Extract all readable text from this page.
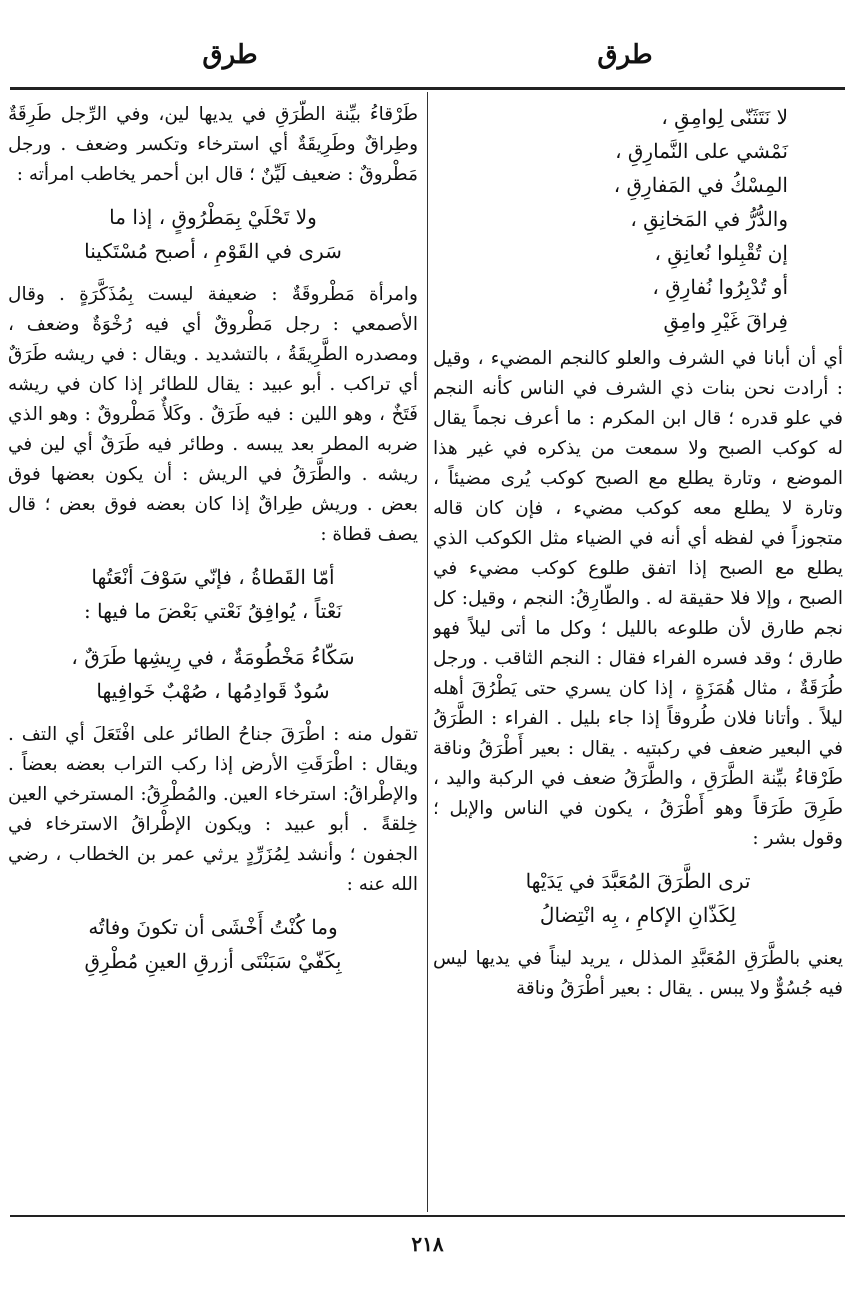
طرق
طرق
لا نَتَثَنّى لِوامِقِ ،
نَمْشي على النَّمارِقِ ،
المِسْكُ في المَفارِقِ ،
والدُّرُّ في المَخانِقِ ،
إن تُقْبِلوا نُعانِقِ ،
أو تُدْبِرُوا نُفارِقِ ،
فِراقَ غَيْرِ وامِقِ

أي أن أبانا في الشرف والعلو كالنجم المضيء ، وقيل : أرادت نحن بنات ذي الشرف في الناس كأنه النجم في علو قدره ؛ قال ابن المكرم : ما أعرف نجماً يقال له كوكب الصبح ولا سمعت من يذكره في غير هذا الموضع ، وتارة يطلع مع الصبح كوكب يُرى مضيئاً ، وتارة لا يطلع معه كوكب مضيء ، فإن كان قاله متجوزاً في لفظه أي أنه في الضياء مثل الكوكب الذي يطلع مع الصبح إذا اتفق طلوع كوكب مضيء في الصبح ، وإلا فلا حقيقة له . والطّارِقُ: النجم ، وقيل: كل نجم طارق لأن طلوعه بالليل ؛ وكل ما أتى ليلاً فهو طارق ؛ وقد فسره الفراء فقال : النجم الثاقب . ورجل طُرَقَةٌ ، مثال هُمَزَةٍ ، إذا كان يسري حتى يَطْرُقَ أهله ليلاً . وأتانا فلان طُروقاً إذا جاء بليل . الفراء : الطَّرَقُ في البعير ضعف في ركبتيه . يقال : بعير أَطْرَقُ وناقة طَرْقاءُ بيِّنة الطَّرَقِ ، والطَّرَقُ ضعف في الركبة واليد ، طَرِقَ طَرَقاً وهو أَطْرَقُ ، يكون في الناس والإبل ؛ وقول بشر :

ترى الطَّرَقَ المُعَبَّدَ في يَدَيْها
لِكَذّانِ الإكامِ ، بِه انْتِضالُ

يعني بالطَّرَقِ المُعَبَّدِ المذلل ، يريد ليناً في يديها ليس فيه جُسُوٌّ ولا يبس . يقال : بعير أطْرَقُ وناقة

طَرْقاءُ بيِّنة الطَّرَقِ في يديها لين، وفي الرِّجل طَرِقَةٌ وطِراقٌ وطَرِيقَةٌ أي استرخاء وتكسر وضعف . ورجل مَطْروقٌ : ضعيف لَيِّنٌ ؛ قال ابن أحمر يخاطب امرأته :

ولا تَحْلَيْ بِمَطْرُوقٍ ، إذا ما
سَرى في القَوْمِ ، أصبح مُسْتَكينا

وامرأة مَطْروقَةٌ : ضعيفة ليست بِمُذَكَّرَةٍ . وقال الأصمعي : رجل مَطْروقٌ أي فيه رُخْوَةٌ وضعف ، ومصدره الطَّرِيقَةُ ، بالتشديد . ويقال : في ريشه طَرَقٌ أي تراكب . أبو عبيد : يقال للطائر إذا كان في ريشه فَتَخٌ ، وهو اللين : فيه طَرَقٌ . وكَلأٌ مَطْروقٌ : وهو الذي ضربه المطر بعد يبسه . وطائر فيه طَرَقٌ أي لين في ريشه . والطَّرَقُ في الريش : أن يكون بعضها فوق بعض . وريش طِراقٌ إذا كان بعضه فوق بعض ؛ قال يصف قطاة :

أمّا القَطاةُ ، فإنّي سَوْفَ أنْعَتُها
نَعْتاً ، يُوافِقُ نَعْتي بَعْضَ ما فيها :
سَكّاءُ مَخْطُومَةٌ ، في رِيشِها طَرَقٌ ،
سُودٌ قَوادِمُها ، صُهْبٌ خَوافِيها

تقول منه : اطْرَقَ جناحُ الطائر على افْتَعَلَ أي التف . ويقال : اطْرَقَتِ الأرض إذا ركب التراب بعضه بعضاً . والإطْراقُ: استرخاء العين. والمُطْرِقُ: المسترخي العين خِلقةً . أبو عبيد : ويكون الإطْراقُ الاسترخاء في الجفون ؛ وأنشد لِمُزَرِّدٍ يرثي عمر بن الخطاب ، رضي الله عنه :

وما كُنْتُ أَخْشَى أن تكونَ وفاتُه
بِكَفّيْ سَبَنْتَى أزرقِ العينِ مُطْرِقِ
٢١٨
